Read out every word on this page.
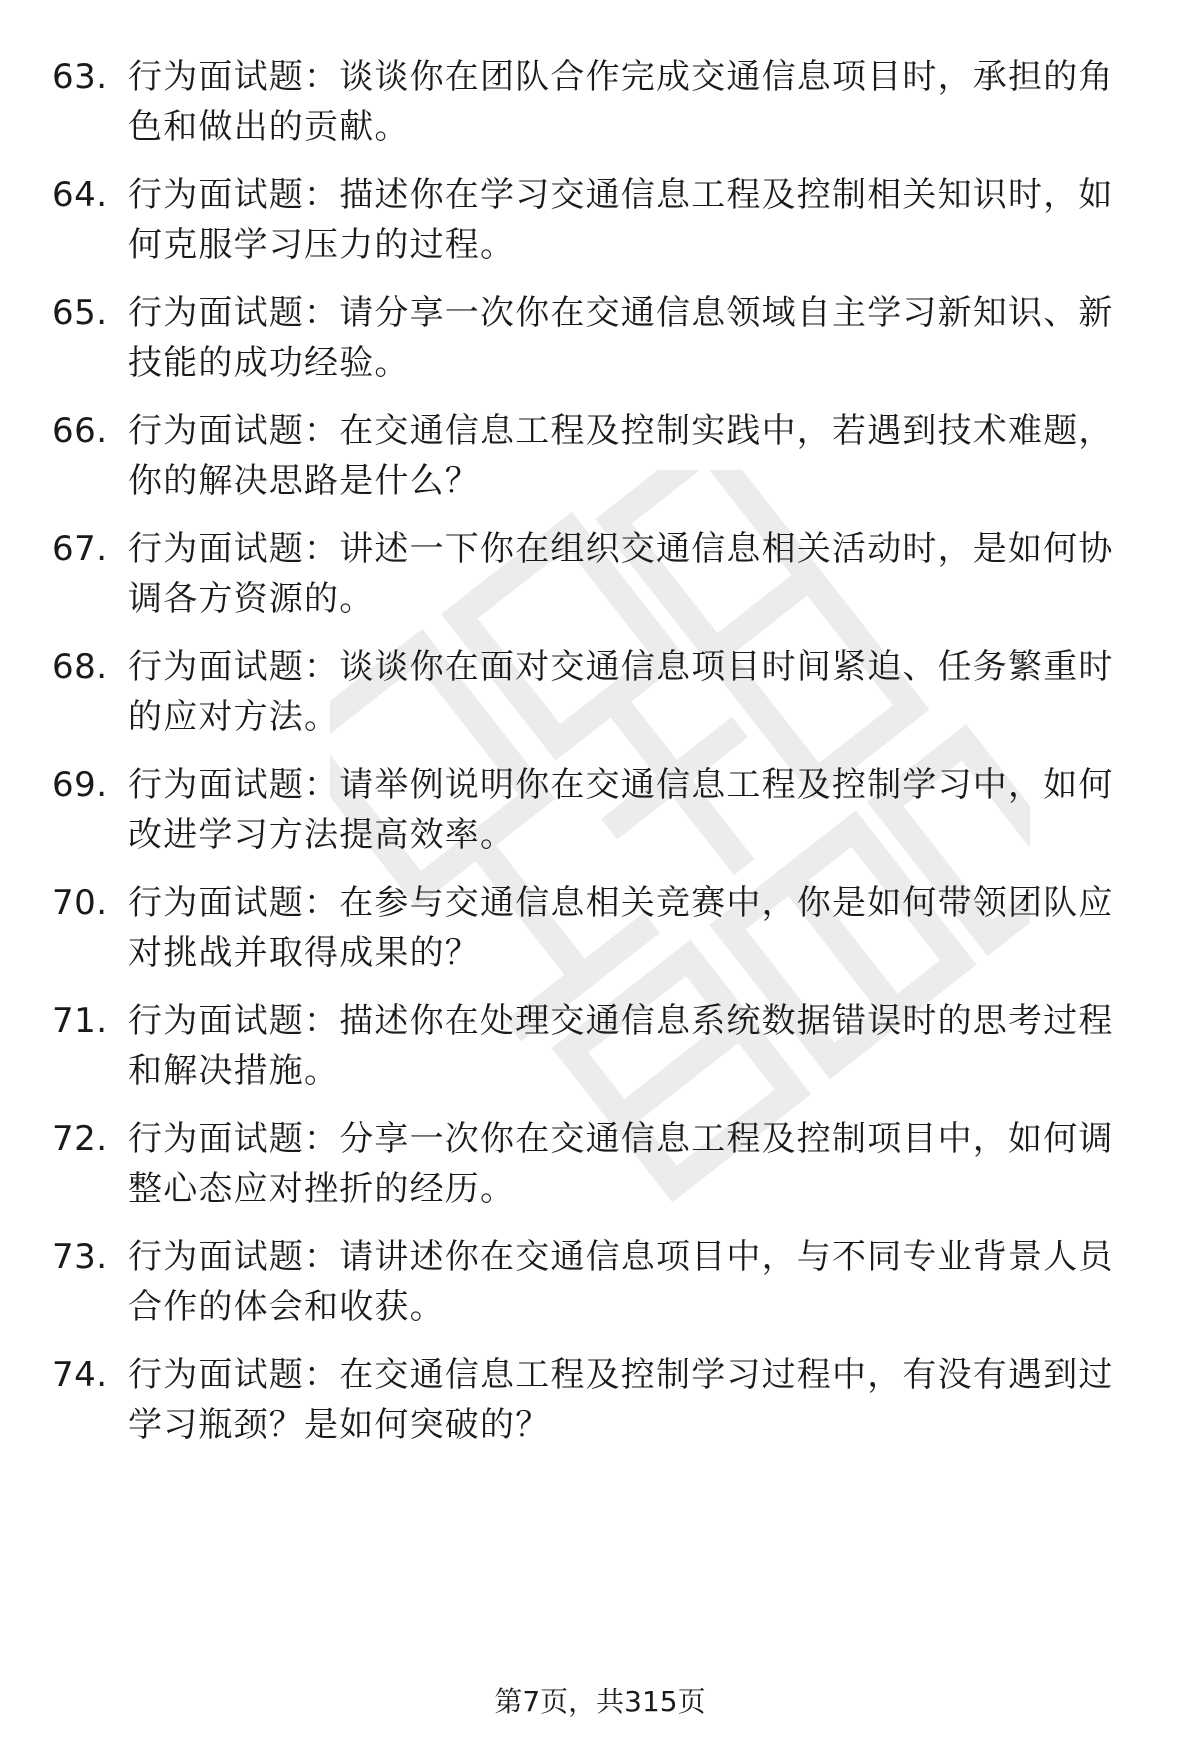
63. 行为面试题：谈谈你在团队合作完成交通信息项目时，承担的角色和做出的贡献。
64. 行为面试题：描述你在学习交通信息工程及控制相关知识时，如何克服学习压力的过程。
65. 行为面试题：请分享一次你在交通信息领域自主学习新知识、新技能的成功经验。
66. 行为面试题：在交通信息工程及控制实践中，若遇到技术难题，你的解决思路是什么？
67. 行为面试题：讲述一下你在组织交通信息相关活动时，是如何协调各方资源的。
68. 行为面试题：谈谈你在面对交通信息项目时间紧迫、任务繁重时的应对方法。
69. 行为面试题：请举例说明你在交通信息工程及控制学习中，如何改进学习方法提高效率。
70. 行为面试题：在参与交通信息相关竞赛中，你是如何带领团队应对挑战并取得成果的？
71. 行为面试题：描述你在处理交通信息系统数据错误时的思考过程和解决措施。
72. 行为面试题：分享一次你在交通信息工程及控制项目中，如何调整心态应对挫折的经历。
73. 行为面试题：请讲述你在交通信息项目中，与不同专业背景人员合作的体会和收获。
74. 行为面试题：在交通信息工程及控制学习过程中，有没有遇到过学习瓶颈？是如何突破的？
第7页，共315页
